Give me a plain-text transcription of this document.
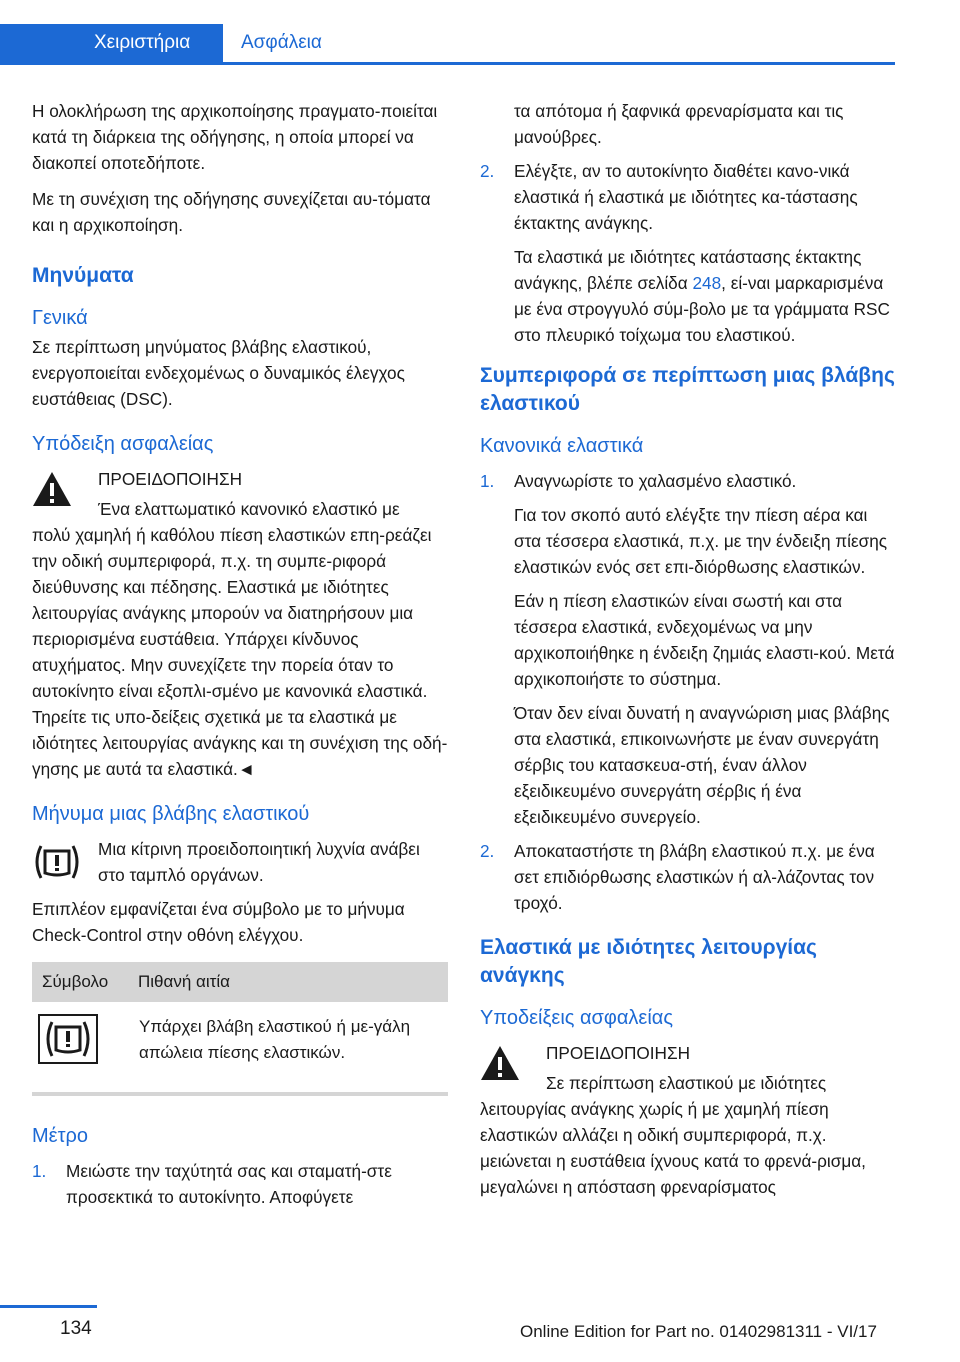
Χειριστήρια	Ασφάλεια

Η ολοκλήρωση της αρχικοποίησης πραγματο‐ποιείται κατά τη διάρκεια της οδήγησης, η οποία μπορεί να διακοπεί οποτεδήποτε.

Με τη συνέχιση της οδήγησης συνεχίζεται αυ‐τόματα και η αρχικοποίηση.

Μηνύματα
Γενικά

Σε περίπτωση μηνύματος βλάβης ελαστικού, ενεργοποιείται ενδεχομένως ο δυναμικός έλεγχος ευστάθειας (DSC).

Υπόδειξη ασφαλείας

ΠΡΟΕΙΔΟΠΟΙΗΣΗ

Ένα ελαττωματικό κανονικό ελαστικό με

πολύ χαμηλή ή καθόλου πίεση ελαστικών επη‐ρεάζει την οδική συμπεριφορά, π.χ. τη συμπε‐ριφορά διεύθυνσης και πέδησης. Ελαστικά με ιδιότητες λειτουργίας ανάγκης μπορούν να διατηρήσουν μια περιορισμένα ευστάθεια. Υπάρχει κίνδυνος ατυχήματος. Μην συνεχίζετε την πορεία όταν το αυτοκίνητο είναι εξοπλι‐σμένο με κανονικά ελαστικά. Τηρείτε τις υπο‐δείξεις σχετικά με τα ελαστικά με ιδιότητες λειτουργίας ανάγκης και τη συνέχιση της οδή‐γησης με αυτά τα ελαστικά.◄

Μήνυμα μιας βλάβης ελαστικού

Μια κίτρινη προειδοποιητική λυχνία ανάβει στο ταμπλό οργάνων.

Επιπλέον εμφανίζεται ένα σύμβολο με το μήνυμα Check-Control στην οθόνη ελέγχου.

Σύμβολο	Πιθανή αιτία
	Υπάρχει βλάβη ελαστικού ή με‐γάλη απώλεια πίεσης ελαστικών.
Μέτρο
1. Μειώστε την ταχύτητά σας και σταματή‐στε προσεκτικά το αυτοκίνητο. Αποφύγετε

τα απότομα ή ξαφνικά φρεναρίσματα και τις μανούβρες.

2. Ελέγξτε, αν το αυτοκίνητο διαθέτει κανο‐νικά ελαστικά ή ελαστικά με ιδιότητες κα‐τάστασης έκτακτης ανάγκης.

Τα ελαστικά με ιδιότητες κατάστασης έκτακτης ανάγκης, βλέπε σελίδα 248, εί‐ναι μαρκαρισμένα με ένα στρογγυλό σύμ‐βολο με τα γράμματα RSC στο πλευρικό τοίχωμα του ελαστικού.

Συμπεριφορά σε περίπτωση μιας βλάβης ελαστικού
Κανονικά ελαστικά
1. Αναγνωρίστε το χαλασμένο ελαστικό.

Για τον σκοπό αυτό ελέγξτε την πίεση αέρα και στα τέσσερα ελαστικά, π.χ. με την ένδειξη πίεσης ελαστικών ενός σετ επι‐διόρθωσης ελαστικών.

Εάν η πίεση ελαστικών είναι σωστή και στα τέσσερα ελαστικά, ενδεχομένως να μην αρχικοποιήθηκε η ένδειξη ζημιάς ελαστι‐κού. Μετά αρχικοποιήστε το σύστημα.

Όταν δεν είναι δυνατή η αναγνώριση μιας βλάβης στα ελαστικά, επικοινωνήστε με έναν συνεργάτη σέρβις του κατασκευα‐στή, έναν άλλον εξειδικευμένο συνεργάτη σέρβις ή ένα εξειδικευμένο συνεργείο.

2. Αποκαταστήστε τη βλάβη ελαστικού π.χ. με ένα σετ επιδιόρθωσης ελαστικών ή αλ‐λάζοντας τον τροχό.

Ελαστικά με ιδιότητες λειτουργίας ανάγκης
Υποδείξεις ασφαλείας

ΠΡΟΕΙΔΟΠΟΙΗΣΗ

Σε περίπτωση ελαστικού με ιδιότητες

λειτουργίας ανάγκης χωρίς ή με χαμηλή πίεση ελαστικών αλλάζει η οδική συμπεριφορά, π.χ. μειώνεται η ευστάθεια ίχνους κατά το φρενά‐ρισμα, μεγαλώνει η απόσταση φρεναρίσματος

134	Online Edition for Part no. 01402981311 - VI/17
